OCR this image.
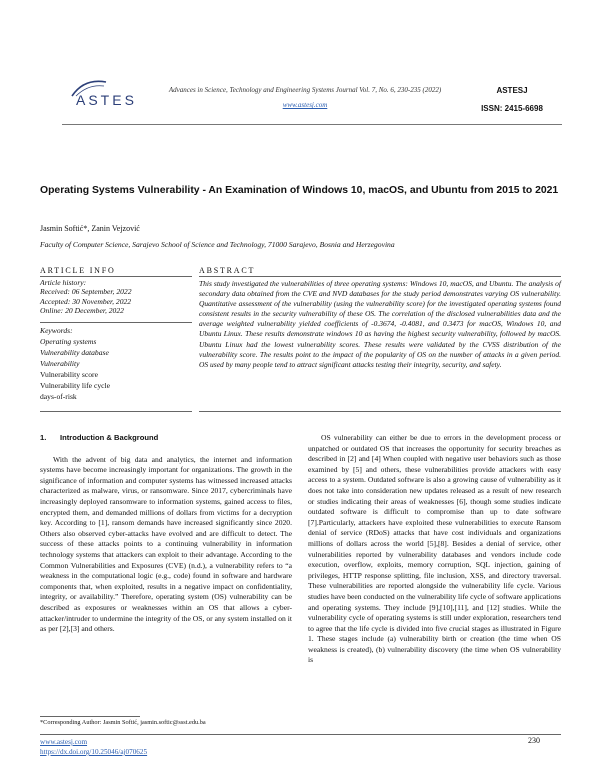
ASTES
Advances in Science, Technology and Engineering Systems Journal Vol. 7, No. 6, 230-235 (2022)
www.astesj.com
ASTESJ
ISSN: 2415-6698
Operating Systems Vulnerability - An Examination of Windows 10, macOS, and Ubuntu from 2015 to 2021
Jasmin Softić*, Zanin Vejzović
Faculty of Computer Science, Sarajevo School of Science and Technology, 71000 Sarajevo, Bosnia and Herzegovina
ARTICLE INFO	ABSTRACT
Article history:
Received: 06 September, 2022
Accepted: 30 November, 2022
Online: 20 December, 2022
Keywords:
Operating systems
Vulnerability database
Vulnerability
Vulnerability score
Vulnerability life cycle
days-of-risk
This study investigated the vulnerabilities of three operating systems: Windows 10, macOS, and Ubuntu. The analysis of secondary data obtained from the CVE and NVD databases for the study period demonstrates varying OS vulnerability. Quantitative assessment of the vulnerability (using the vulnerability score) for the investigated operating systems found consistent results in the security vulnerability of these OS. The correlation of the disclosed vulnerabilities data and the average weighted vulnerability yielded coefficients of -0.3674, -0.4081, and 0.3473 for macOS, Windows 10, and Ubuntu Linux. These results demonstrate windows 10 as having the highest security vulnerability, followed by macOS. Ubuntu Linux had the lowest vulnerability scores. These results were validated by the CVSS distribution of the vulnerability score. The results point to the impact of the popularity of OS on the number of attacks in a given period. OS used by many people tend to attract significant attacks testing their integrity, security, and safety.
1. Introduction & Background

With the advent of big data and analytics, the internet and information systems have become increasingly important for organizations. The growth in the significance of information and computer systems has witnessed increased attacks characterized as malware, virus, or ransomware. Since 2017, cybercriminals have increasingly deployed ransomware to information systems, gained access to files, encrypted them, and demanded millions of dollars from victims for a decryption key. According to [1], ransom demands have increased significantly since 2020. Others also observed cyber-attacks have evolved and are difficult to detect. The success of these attacks points to a continuing vulnerability in information technology systems that attackers can exploit to their advantage. According to the Common Vulnerabilities and Exposures (CVE) (n.d.), a vulnerability refers to “a weakness in the computational logic (e.g., code) found in software and hardware components that, when exploited, results in a negative impact on confidentiality, integrity, or availability.” Therefore, operating system (OS) vulnerability can be described as exposures or weaknesses within an OS that allows a cyber-attacker/intruder to undermine the integrity of the OS, or any system installed on it as per [2],[3] and others.

OS vulnerability can either be due to errors in the development process or unpatched or outdated OS that increases the opportunity for security breaches as described in [2] and [4] When coupled with negative user behaviors such as those examined by [5] and others, these vulnerabilities provide attackers with easy access to a system. Outdated software is also a growing cause of vulnerability as it does not take into consideration new updates released as a result of new research or studies indicating their areas of weaknesses [6], though some studies indicate outdated software is difficult to compromise than up to date software [7].Particularly, attackers have exploited these vulnerabilities to execute Ransom denial of service (RDoS) attacks that have cost individuals and organizations millions of dollars across the world [5],[8]. Besides a denial of service, other vulnerabilities reported by vulnerability databases and vendors include code execution, overflow, exploits, memory corruption, SQL injection, gaining of privileges, HTTP response splitting, file inclusion, XSS, and directory traversal. These vulnerabilities are reported alongside the vulnerability life cycle. Various studies have been conducted on the vulnerability life cycle of software applications and operating systems. They include [9],[10],[11], and [12] studies. While the vulnerability cycle of operating systems is still under exploration, researchers tend to agree that the life cycle is divided into five crucial stages as illustrated in Figure 1. These stages include (a) vulnerability birth or creation (the time when OS weakness is created), (b) vulnerability discovery (the time when OS vulnerability is

*Corresponding Author: Jasmin Softić, jasmin.softic@ssst.edu.ba
www.astesj.com
https://dx.doi.org/10.25046/aj070625
230
